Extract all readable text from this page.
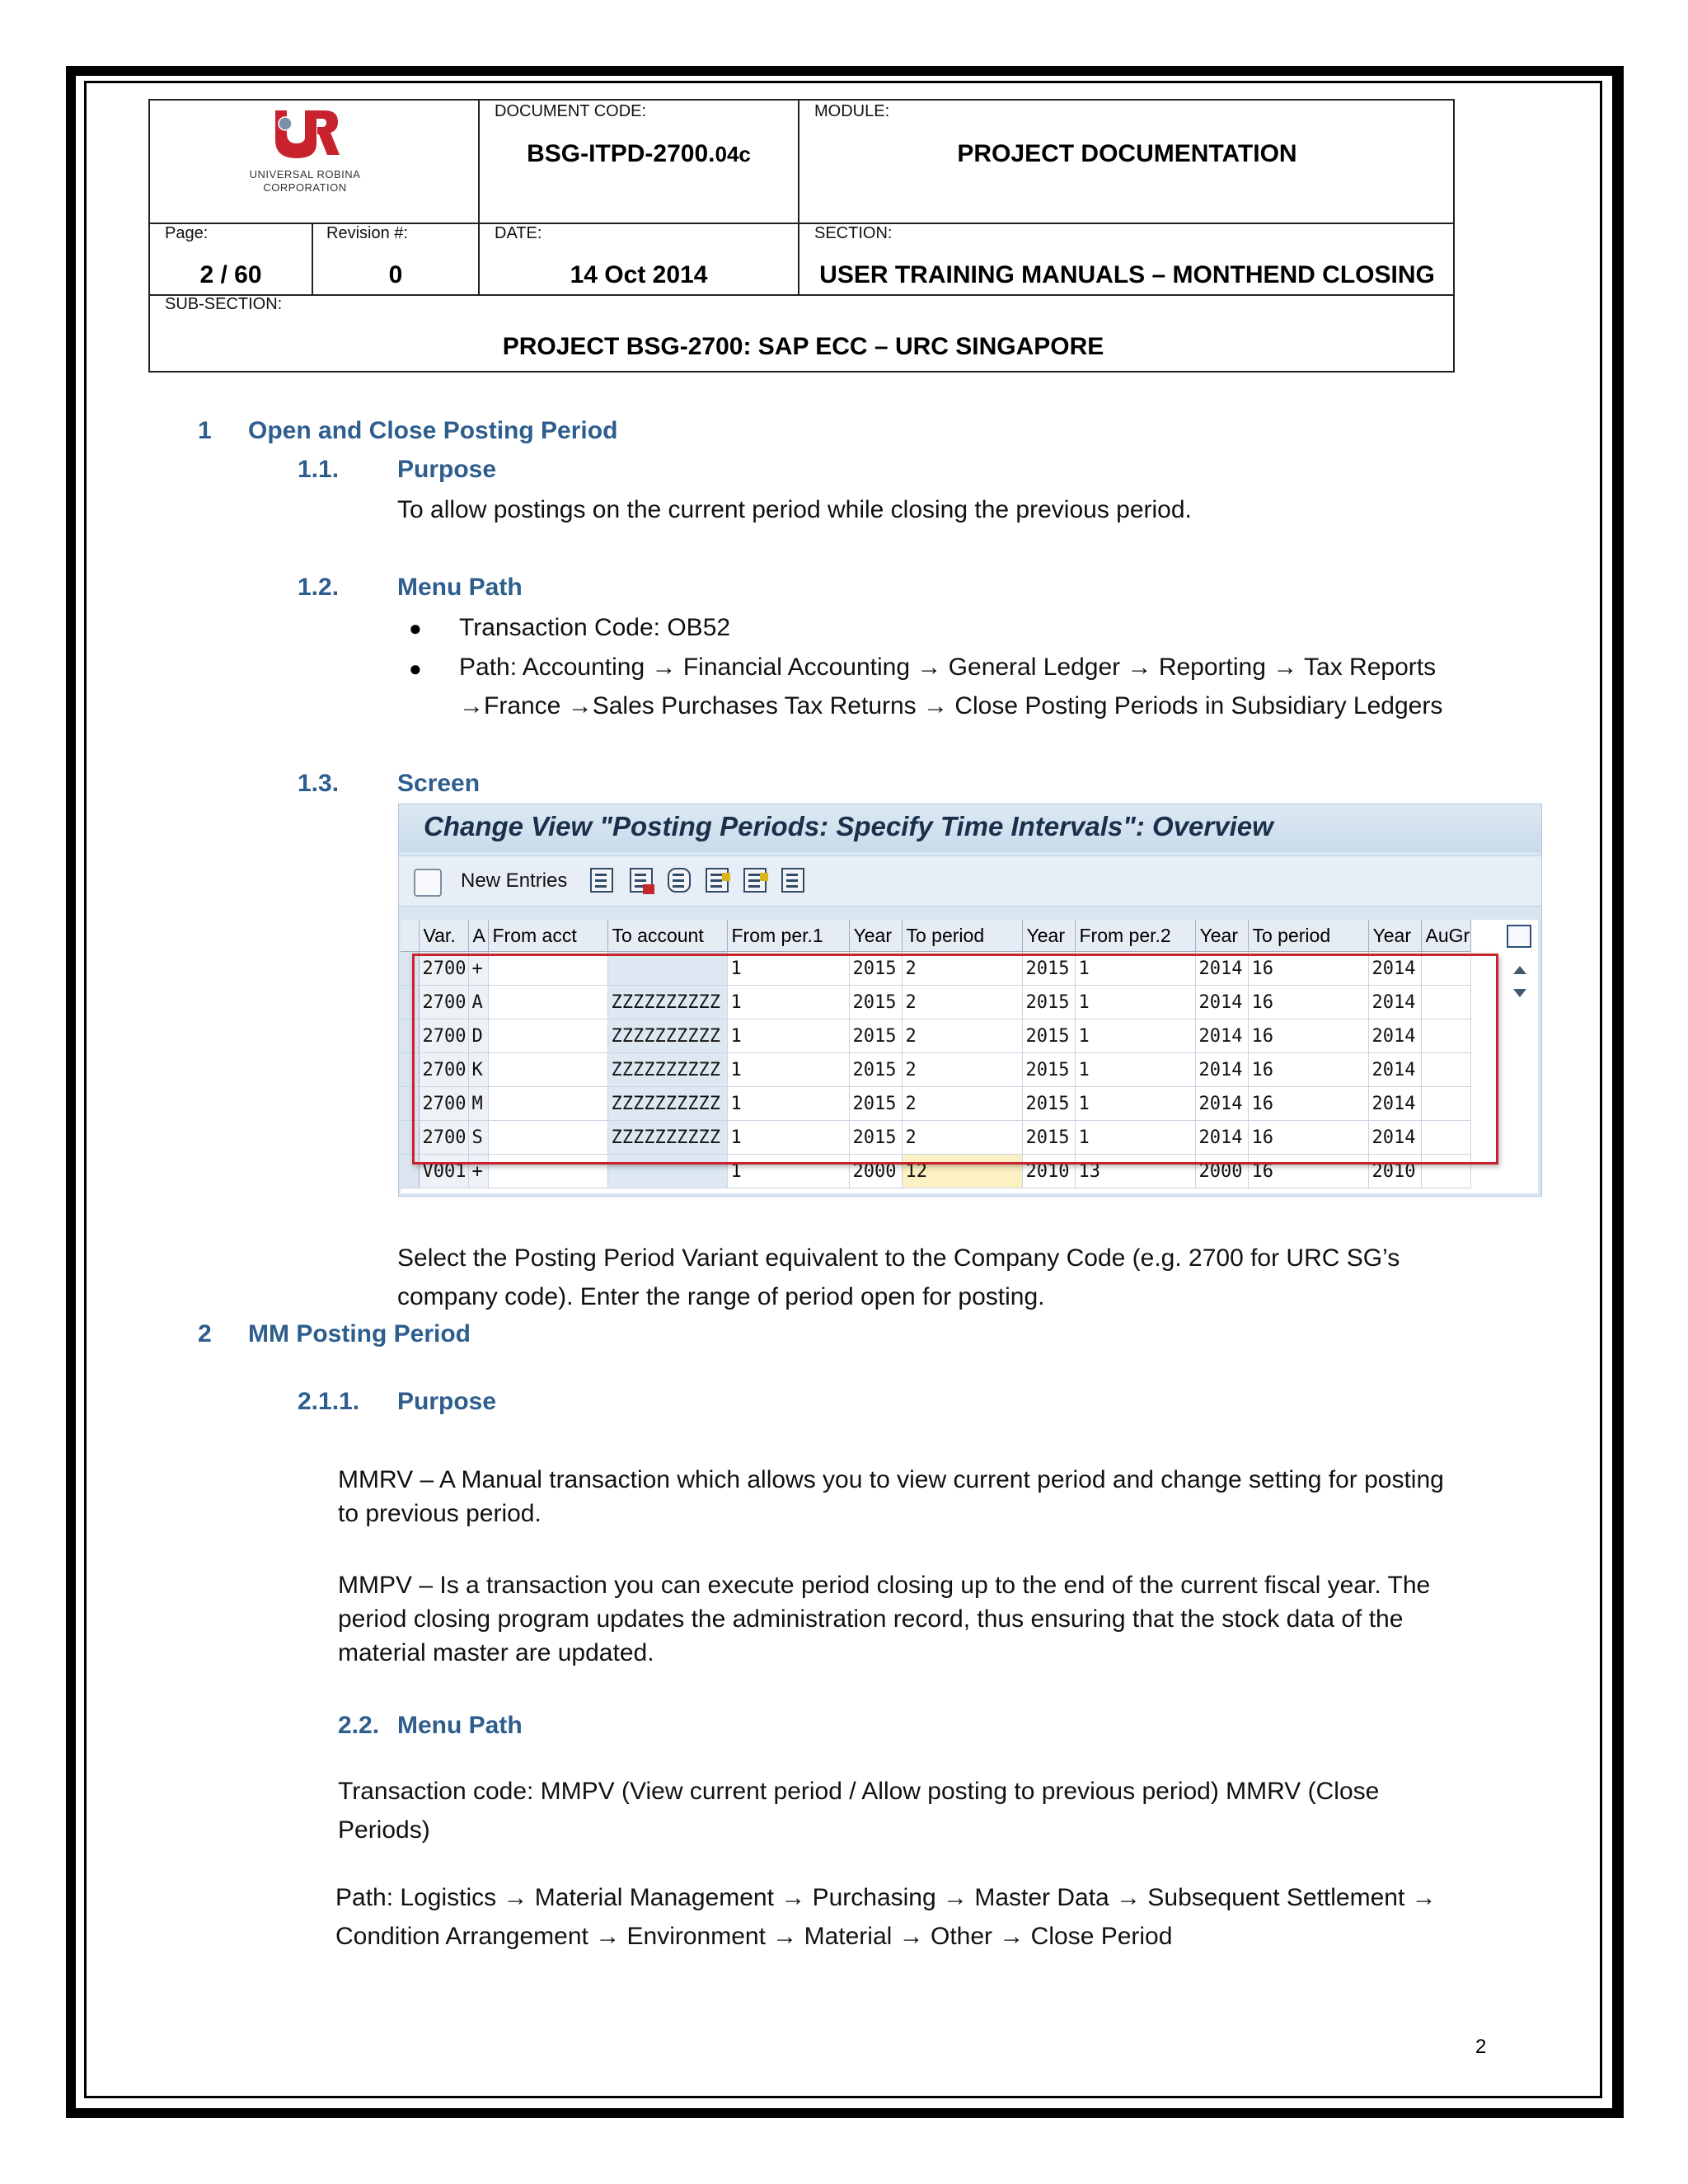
DOCUMENT CODE:
BSG-ITPD-2700.04c
MODULE:
PROJECT DOCUMENTATION
Page:
2 / 60
Revision #:
0
DATE:
14 Oct 2014
SECTION:
USER TRAINING MANUALS – MONTHEND CLOSING
SUB-SECTION:
PROJECT BSG-2700: SAP ECC – URC SINGAPORE
UNIVERSAL ROBINA
CORPORATION
1 Open and Close Posting Period
1.1. Purpose
To allow postings on the current period while closing the previous period.
1.2. Menu Path
● Transaction Code: OB52
● Path: Accounting → Financial Accounting → General Ledger → Reporting → Tax Reports
→France →Sales Purchases Tax Returns → Close Posting Periods in Subsidiary Ledgers
1.3. Screen
Change View "Posting Periods: Specify Time Intervals": Overview
New Entries
	Var.	A	From acct	To account	From per.1	Year	To period	Year	From per.2	Year	To period	Year	AuGr
	2700	+			1	2015	2	2015	1	2014	16	2014	
	2700	A		ZZZZZZZZZZ	1	2015	2	2015	1	2014	16	2014	
	2700	D		ZZZZZZZZZZ	1	2015	2	2015	1	2014	16	2014	
	2700	K		ZZZZZZZZZZ	1	2015	2	2015	1	2014	16	2014	
	2700	M		ZZZZZZZZZZ	1	2015	2	2015	1	2014	16	2014	
	2700	S		ZZZZZZZZZZ	1	2015	2	2015	1	2014	16	2014	
	V001	+			1	2000	12	2010	13	2000	16	2010	
Select the Posting Period Variant equivalent to the Company Code (e.g. 2700 for URC SG’s
company code). Enter the range of period open for posting.
2 MM Posting Period
2.1.1. Purpose
MMRV – A Manual transaction which allows you to view current period and change setting for posting
to previous period.
MMPV – Is a transaction you can execute period closing up to the end of the current fiscal year. The
period closing program updates the administration record, thus ensuring that the stock data of the
material master are updated.
2.2. Menu Path
Transaction code: MMPV (View current period / Allow posting to previous period) MMRV (Close
Periods)
Path: Logistics → Material Management → Purchasing → Master Data → Subsequent Settlement →
Condition Arrangement → Environment → Material → Other → Close Period
2
